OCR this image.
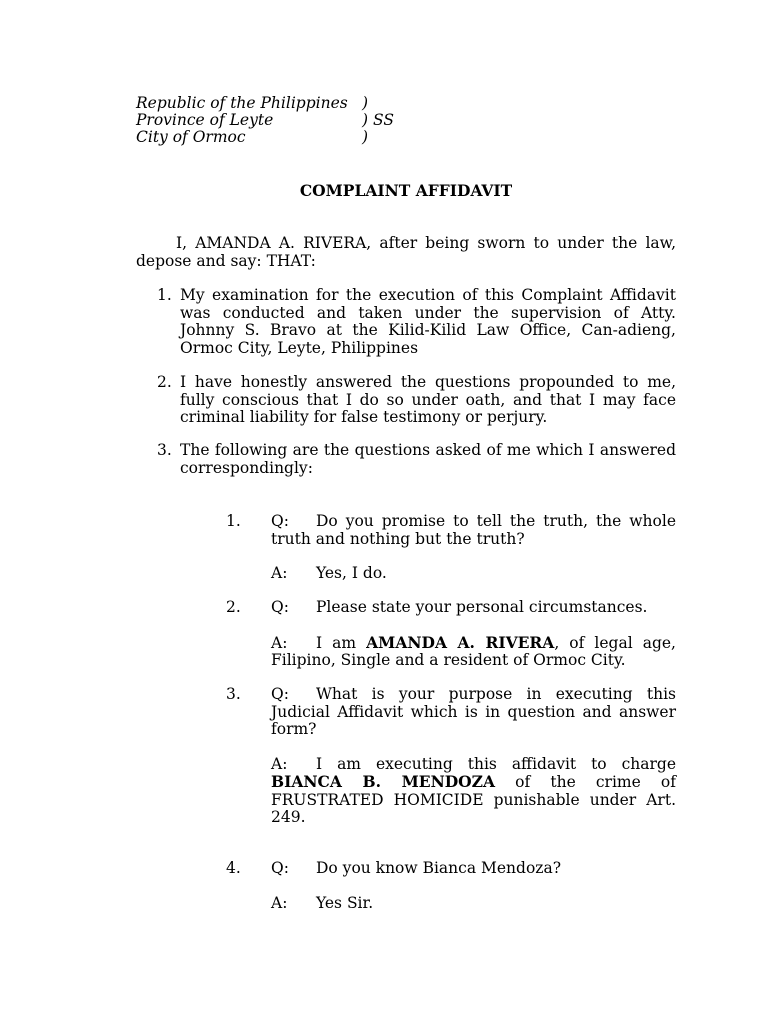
Republic of the Philippines )
Province of Leyte	) SS
City of Ormoc	)
COMPLAINT AFFIDAVIT
I, AMANDA A. RIVERA, after being sworn to under the law, depose and say: THAT:
1. My examination for the execution of this Complaint Affidavit was conducted and taken under the supervision of Atty. Johnny S. Bravo at the Kilid-Kilid Law Office, Can-adieng, Ormoc City, Leyte, Philippines
2. I have honestly answered the questions propounded to me, fully conscious that I do so under oath, and that I may face criminal liability for false testimony or perjury.
3. The following are the questions asked of me which I answered correspondingly:
1.	Q: Do you promise to tell the truth, the whole truth and nothing but the truth?
A: Yes, I do.
2.	Q: Please state your personal circumstances.
A: I am AMANDA A. RIVERA, of legal age, Filipino, Single and a resident of Ormoc City.
3.	Q: What is your purpose in executing this Judicial Affidavit which is in question and answer form?
A: I am executing this affidavit to charge BIANCA B. MENDOZA of the crime of FRUSTRATED HOMICIDE punishable under Art. 249.
4.	Q: Do you know Bianca Mendoza?
A: Yes Sir.
